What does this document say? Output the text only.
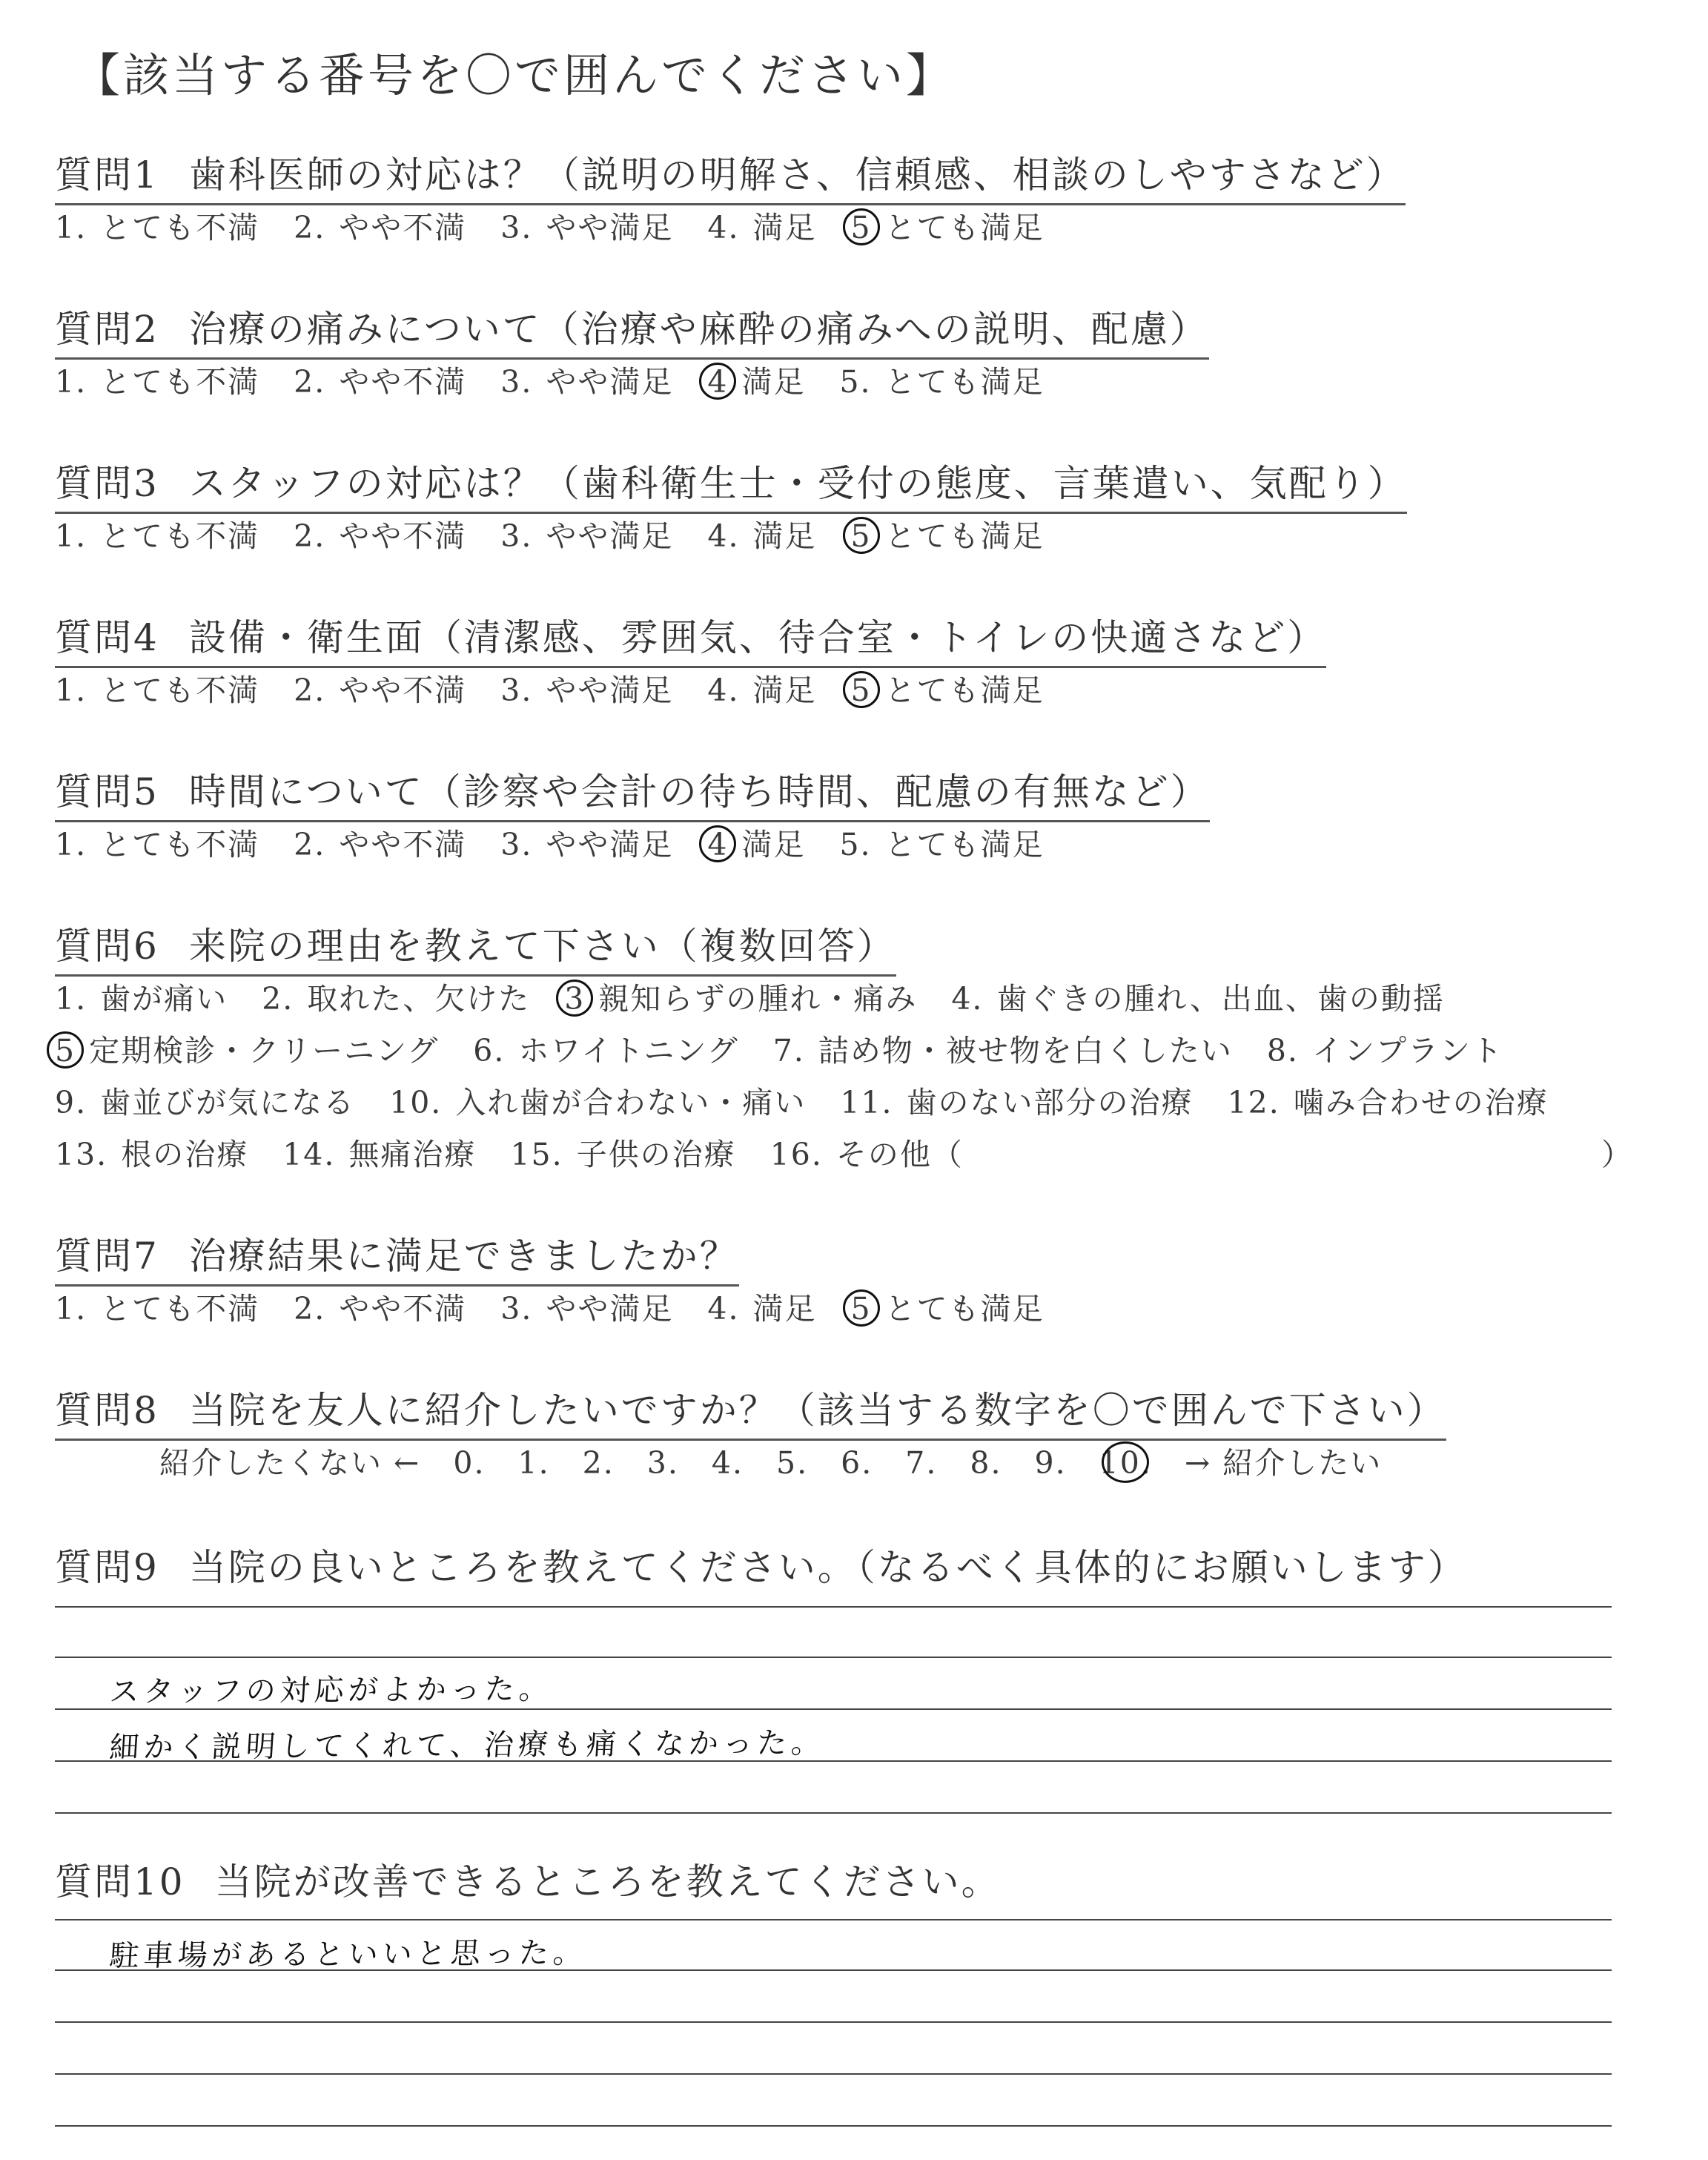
【該当する番号を〇で囲んでください】
質問1 歯科医師の対応は？（説明の明解さ、信頼感、相談のしやすさなど）
1. とても不満 2. やや不満 3. やや満足 4. 満足 5 とても満足
質問2 治療の痛みについて（治療や麻酔の痛みへの説明、配慮）
1. とても不満 2. やや不満 3. やや満足 4 満足 5. とても満足
質問3 スタッフの対応は？（歯科衛生士・受付の態度、言葉遣い、気配り）
1. とても不満 2. やや不満 3. やや満足 4. 満足 5 とても満足
質問4 設備・衛生面（清潔感、雰囲気、待合室・トイレの快適さなど）
1. とても不満 2. やや不満 3. やや満足 4. 満足 5 とても満足
質問5 時間について（診察や会計の待ち時間、配慮の有無など）
1. とても不満 2. やや不満 3. やや満足 4 満足 5. とても満足
質問6 来院の理由を教えて下さい（複数回答）
1. 歯が痛い 2. 取れた、欠けた 3 親知らずの腫れ・痛み 4. 歯ぐきの腫れ、出血、歯の動揺
5 定期検診・クリーニング 6. ホワイトニング 7. 詰め物・被せ物を白くしたい 8. インプラント
9. 歯並びが気になる 10. 入れ歯が合わない・痛い 11. 歯のない部分の治療 12. 噛み合わせの治療
13. 根の治療 14. 無痛治療 15. 子供の治療 16. その他（	）
質問7 治療結果に満足できましたか？
1. とても不満 2. やや不満 3. やや満足 4. 満足 5 とても満足
質問8 当院を友人に紹介したいですか？（該当する数字を〇で囲んで下さい）
紹介したくない ← 0. 1. 2. 3. 4. 5. 6. 7. 8. 9. 10. → 紹介したい
質問9 当院の良いところを教えてください。（なるべく具体的にお願いします）
スタッフの対応がよかった。
細かく説明してくれて、治療も痛くなかった。
質問10 当院が改善できるところを教えてください。
駐車場があるといいと思った。
